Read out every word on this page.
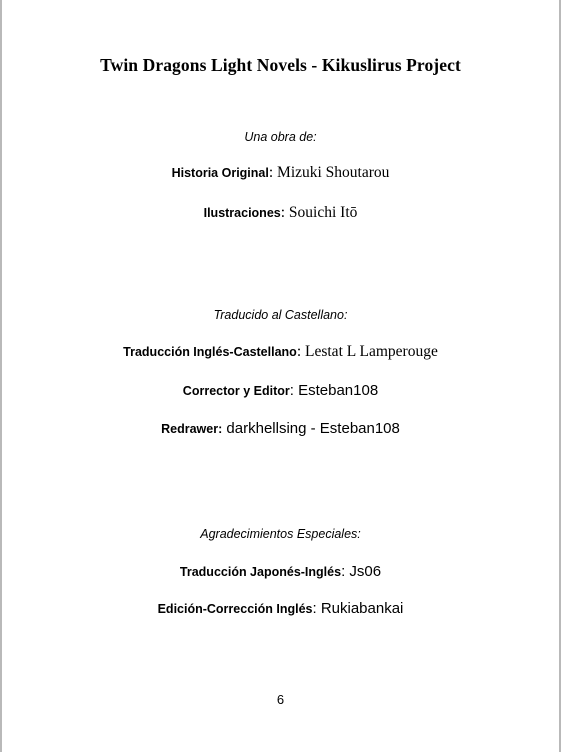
Twin Dragons Light Novels - Kikuslirus Project
Una obra de:
Historia Original: Mizuki Shoutarou
Ilustraciones: Souichi Itō
Traducido al Castellano:
Traducción Inglés-Castellano: Lestat L Lamperouge
Corrector y Editor: Esteban108
Redrawer: darkhellsing - Esteban108
Agradecimientos Especiales:
Traducción Japonés-Inglés: Js06
Edición-Corrección Inglés: Rukiabankai
6
